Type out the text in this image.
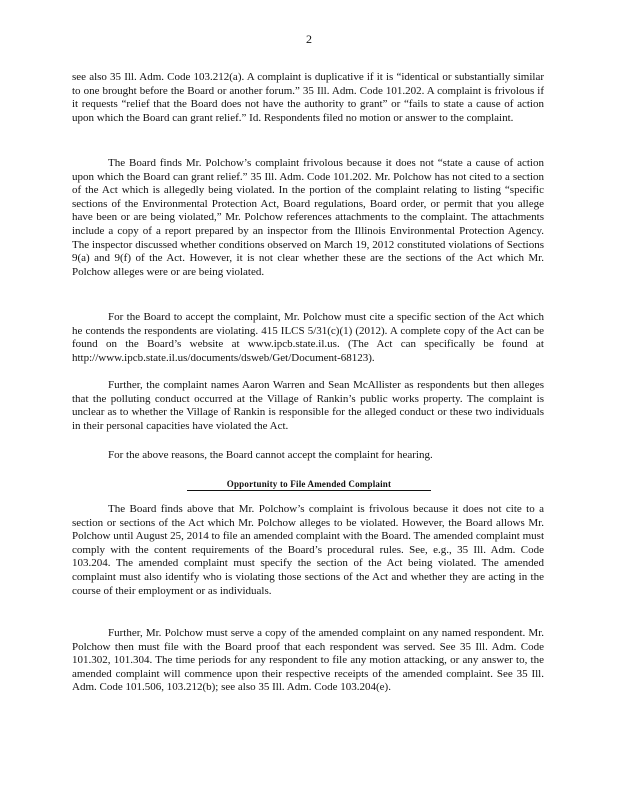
2
see also 35 Ill. Adm. Code 103.212(a). A complaint is duplicative if it is “identical or substantially similar to one brought before the Board or another forum.” 35 Ill. Adm. Code 101.202. A complaint is frivolous if it requests “relief that the Board does not have the authority to grant” or “fails to state a cause of action upon which the Board can grant relief.” Id. Respondents filed no motion or answer to the complaint.
The Board finds Mr. Polchow’s complaint frivolous because it does not “state a cause of action upon which the Board can grant relief.” 35 Ill. Adm. Code 101.202. Mr. Polchow has not cited to a section of the Act which is allegedly being violated. In the portion of the complaint relating to listing “specific sections of the Environmental Protection Act, Board regulations, Board order, or permit that you allege have been or are being violated,” Mr. Polchow references attachments to the complaint. The attachments include a copy of a report prepared by an inspector from the Illinois Environmental Protection Agency. The inspector discussed whether conditions observed on March 19, 2012 constituted violations of Sections 9(a) and 9(f) of the Act. However, it is not clear whether these are the sections of the Act which Mr. Polchow alleges were or are being violated.
For the Board to accept the complaint, Mr. Polchow must cite a specific section of the Act which he contends the respondents are violating. 415 ILCS 5/31(c)(1) (2012). A complete copy of the Act can be found on the Board’s website at www.ipcb.state.il.us. (The Act can specifically be found at http://www.ipcb.state.il.us/documents/dsweb/Get/Document-68123).
Further, the complaint names Aaron Warren and Sean McAllister as respondents but then alleges that the polluting conduct occurred at the Village of Rankin’s public works property. The complaint is unclear as to whether the Village of Rankin is responsible for the alleged conduct or these two individuals in their personal capacities have violated the Act.
For the above reasons, the Board cannot accept the complaint for hearing.
Opportunity to File Amended Complaint
The Board finds above that Mr. Polchow’s complaint is frivolous because it does not cite to a section or sections of the Act which Mr. Polchow alleges to be violated. However, the Board allows Mr. Polchow until August 25, 2014 to file an amended complaint with the Board. The amended complaint must comply with the content requirements of the Board’s procedural rules. See, e.g., 35 Ill. Adm. Code 103.204. The amended complaint must specify the section of the Act being violated. The amended complaint must also identify who is violating those sections of the Act and whether they are acting in the course of their employment or as individuals.
Further, Mr. Polchow must serve a copy of the amended complaint on any named respondent. Mr. Polchow then must file with the Board proof that each respondent was served. See 35 Ill. Adm. Code 101.302, 101.304. The time periods for any respondent to file any motion attacking, or any answer to, the amended complaint will commence upon their respective receipts of the amended complaint. See 35 Ill. Adm. Code 101.506, 103.212(b); see also 35 Ill. Adm. Code 103.204(e).
